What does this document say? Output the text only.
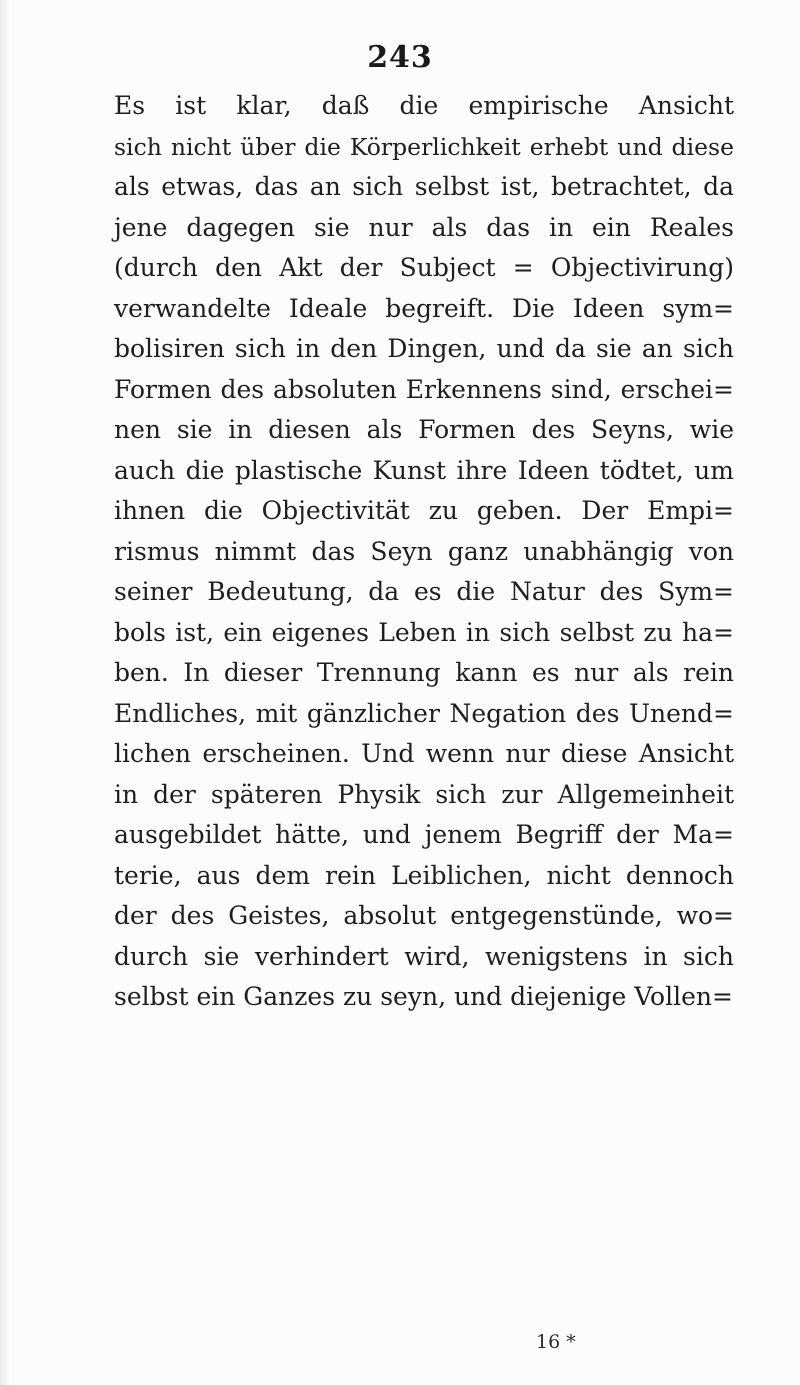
243
Es ist klar, daß die empirische Ansicht
sich nicht über die Körperlichkeit erhebt und diese
als etwas, das an sich selbst ist, betrachtet, da
jene dagegen sie nur als das in ein Reales
(durch den Akt der Subject = Objectivirung)
verwandelte Ideale begreift. Die Ideen sym=
bolisiren sich in den Dingen, und da sie an sich
Formen des absoluten Erkennens sind, erschei=
nen sie in diesen als Formen des Seyns, wie
auch die plastische Kunst ihre Ideen tödtet, um
ihnen die Objectivität zu geben. Der Empi=
rismus nimmt das Seyn ganz unabhängig von
seiner Bedeutung, da es die Natur des Sym=
bols ist, ein eigenes Leben in sich selbst zu ha=
ben. In dieser Trennung kann es nur als rein
Endliches, mit gänzlicher Negation des Unend=
lichen erscheinen. Und wenn nur diese Ansicht
in der späteren Physik sich zur Allgemeinheit
ausgebildet hätte, und jenem Begriff der Ma=
terie, aus dem rein Leiblichen, nicht dennoch
der des Geistes, absolut entgegenstünde, wo=
durch sie verhindert wird, wenigstens in sich
selbst ein Ganzes zu seyn, und diejenige Vollen=
16 *
